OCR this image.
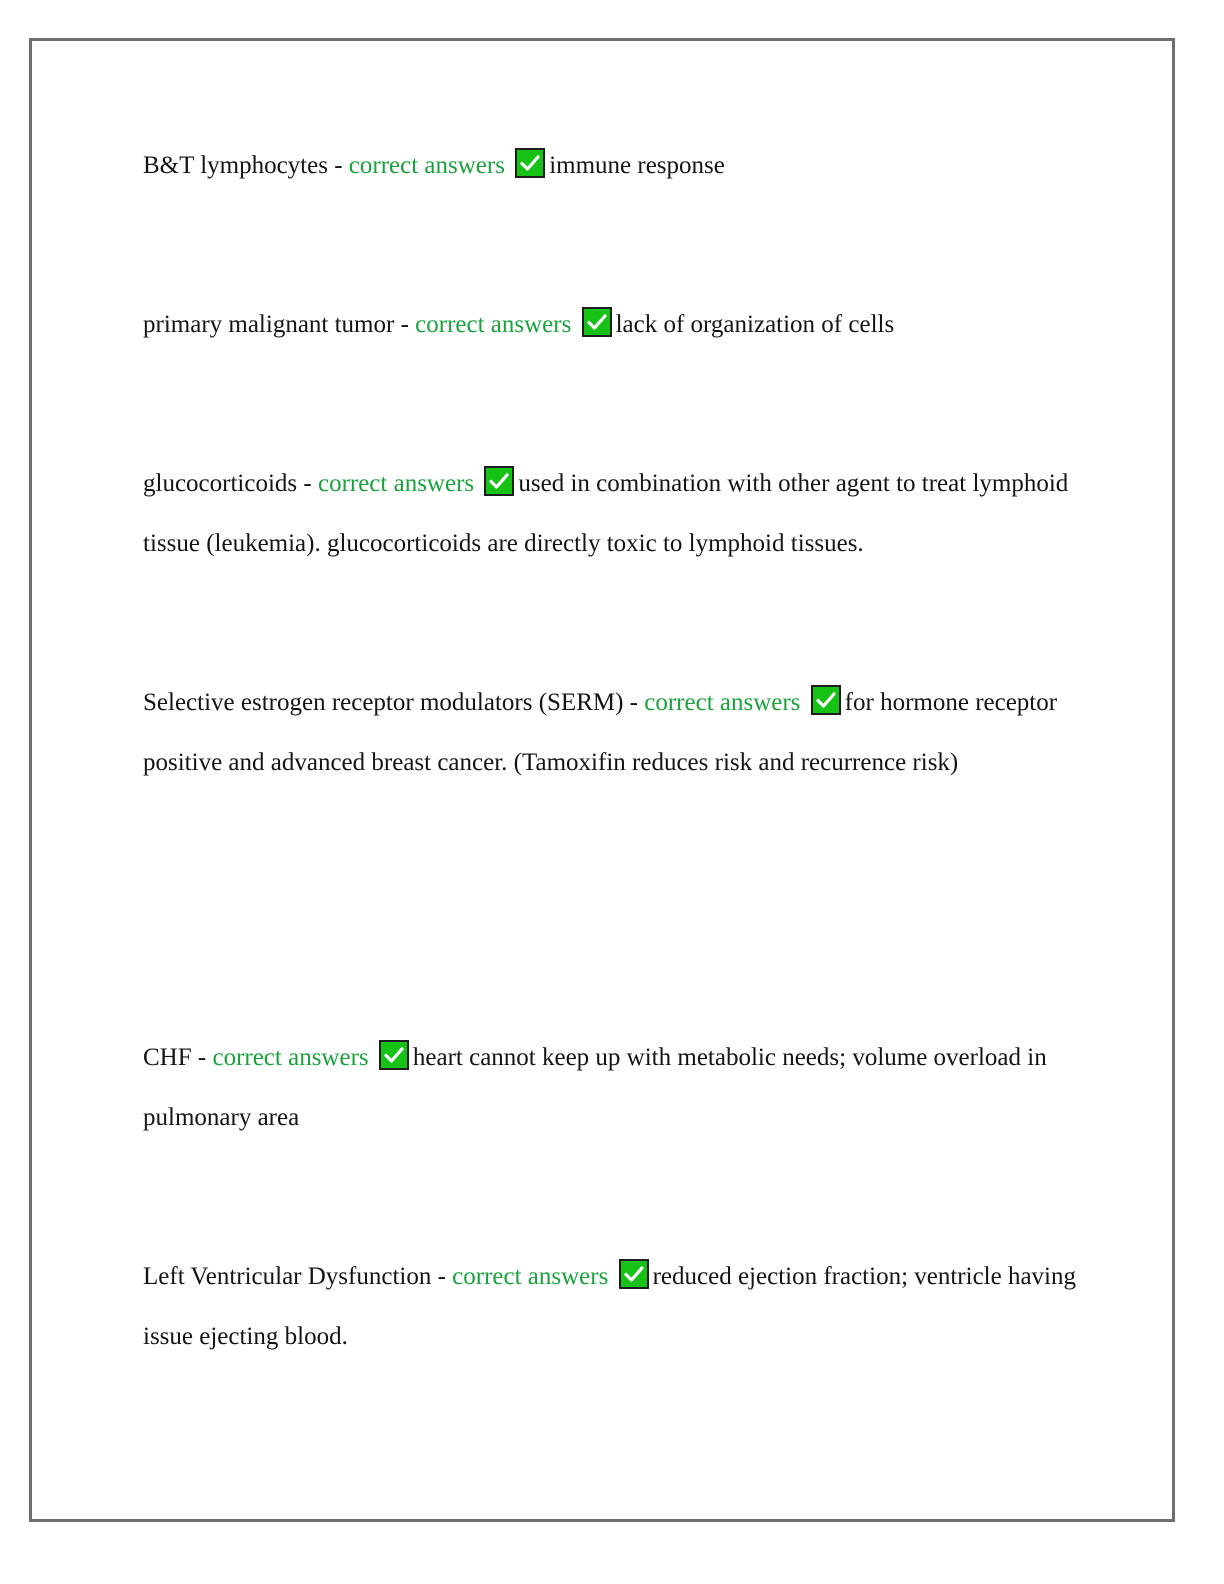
B&T lymphocytes - correct answers immune response

primary malignant tumor - correct answers lack of organization of cells

glucocorticoids - correct answers used in combination with other agent to treat lymphoid tissue (leukemia). glucocorticoids are directly toxic to lymphoid tissues.

Selective estrogen receptor modulators (SERM) - correct answers for hormone receptor positive and advanced breast cancer. (Tamoxifin reduces risk and recurrence risk)

CHF - correct answers heart cannot keep up with metabolic needs; volume overload in pulmonary area

Left Ventricular Dysfunction - correct answers reduced ejection fraction; ventricle having issue ejecting blood.
